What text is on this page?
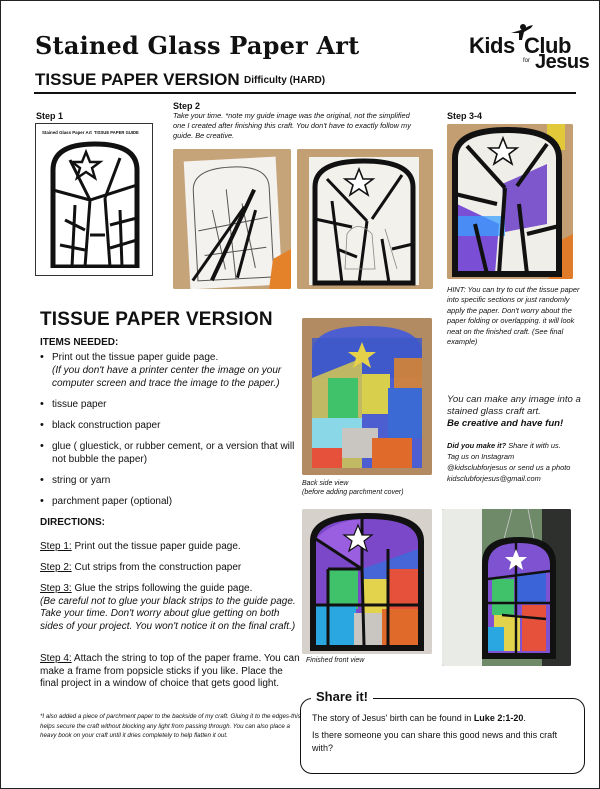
Stained Glass Paper Art
TISSUE PAPER VERSION Difficulty (HARD)
Kids Club
for Jesus
Step 1
Stained Glass Paper Art TISSUE PAPER GUIDE
Step 2
Take your time. *note my guide image was the original, not the simplified one I created after finishing this craft. You don't have to exactly follow my guide. Be creative.
Step 3-4
HINT: You can try to cut the tissue paper into specific sections or just randomly apply the paper. Don't worry about the paper folding or overlapping. it will look neat on the finished craft. (See final example)
TISSUE PAPER VERSION
ITEMS NEEDED:
• Print out the tissue paper guide page.
(If you don't have a printer center the image on your computer screen and trace the image to the paper.)
• tissue paper
• black construction paper
• glue ( gluestick, or rubber cement, or a version that will not bubble the paper)
• string or yarn
• parchment paper (optional)
DIRECTIONS:
Step 1: Print out the tissue paper guide page.
Step 2: Cut strips from the construction paper
Step 3: Glue the strips following the guide page.
(Be careful not to glue your black strips to the guide page. Take your time. Don't worry about glue getting on both sides of your project. You won't notice it on the final craft.)
Step 4: Attach the string to top of the paper frame. You can make a frame from popsicle sticks if you like. Place the final project in a window of choice that gets good light.
*I also added a piece of parchment paper to the backside of my craft. Gluing it to the edges-this helps secure the craft without blocking any light from passing through. You can also place a heavy book on your craft until it dries completely to help flatten it out.
Back side view
(before adding parchment cover)
You can make any image into a stained glass craft art.
Be creative and have fun!
Did you make it? Share it with us.
Tag us on Instagram
@kidsclubforjesus or send us a photo
kidsclubforjesus@gmail.com
Finished front view
Share it!
The story of Jesus' birth can be found in Luke 2:1-20.
Is there someone you can share this good news and this craft with?
